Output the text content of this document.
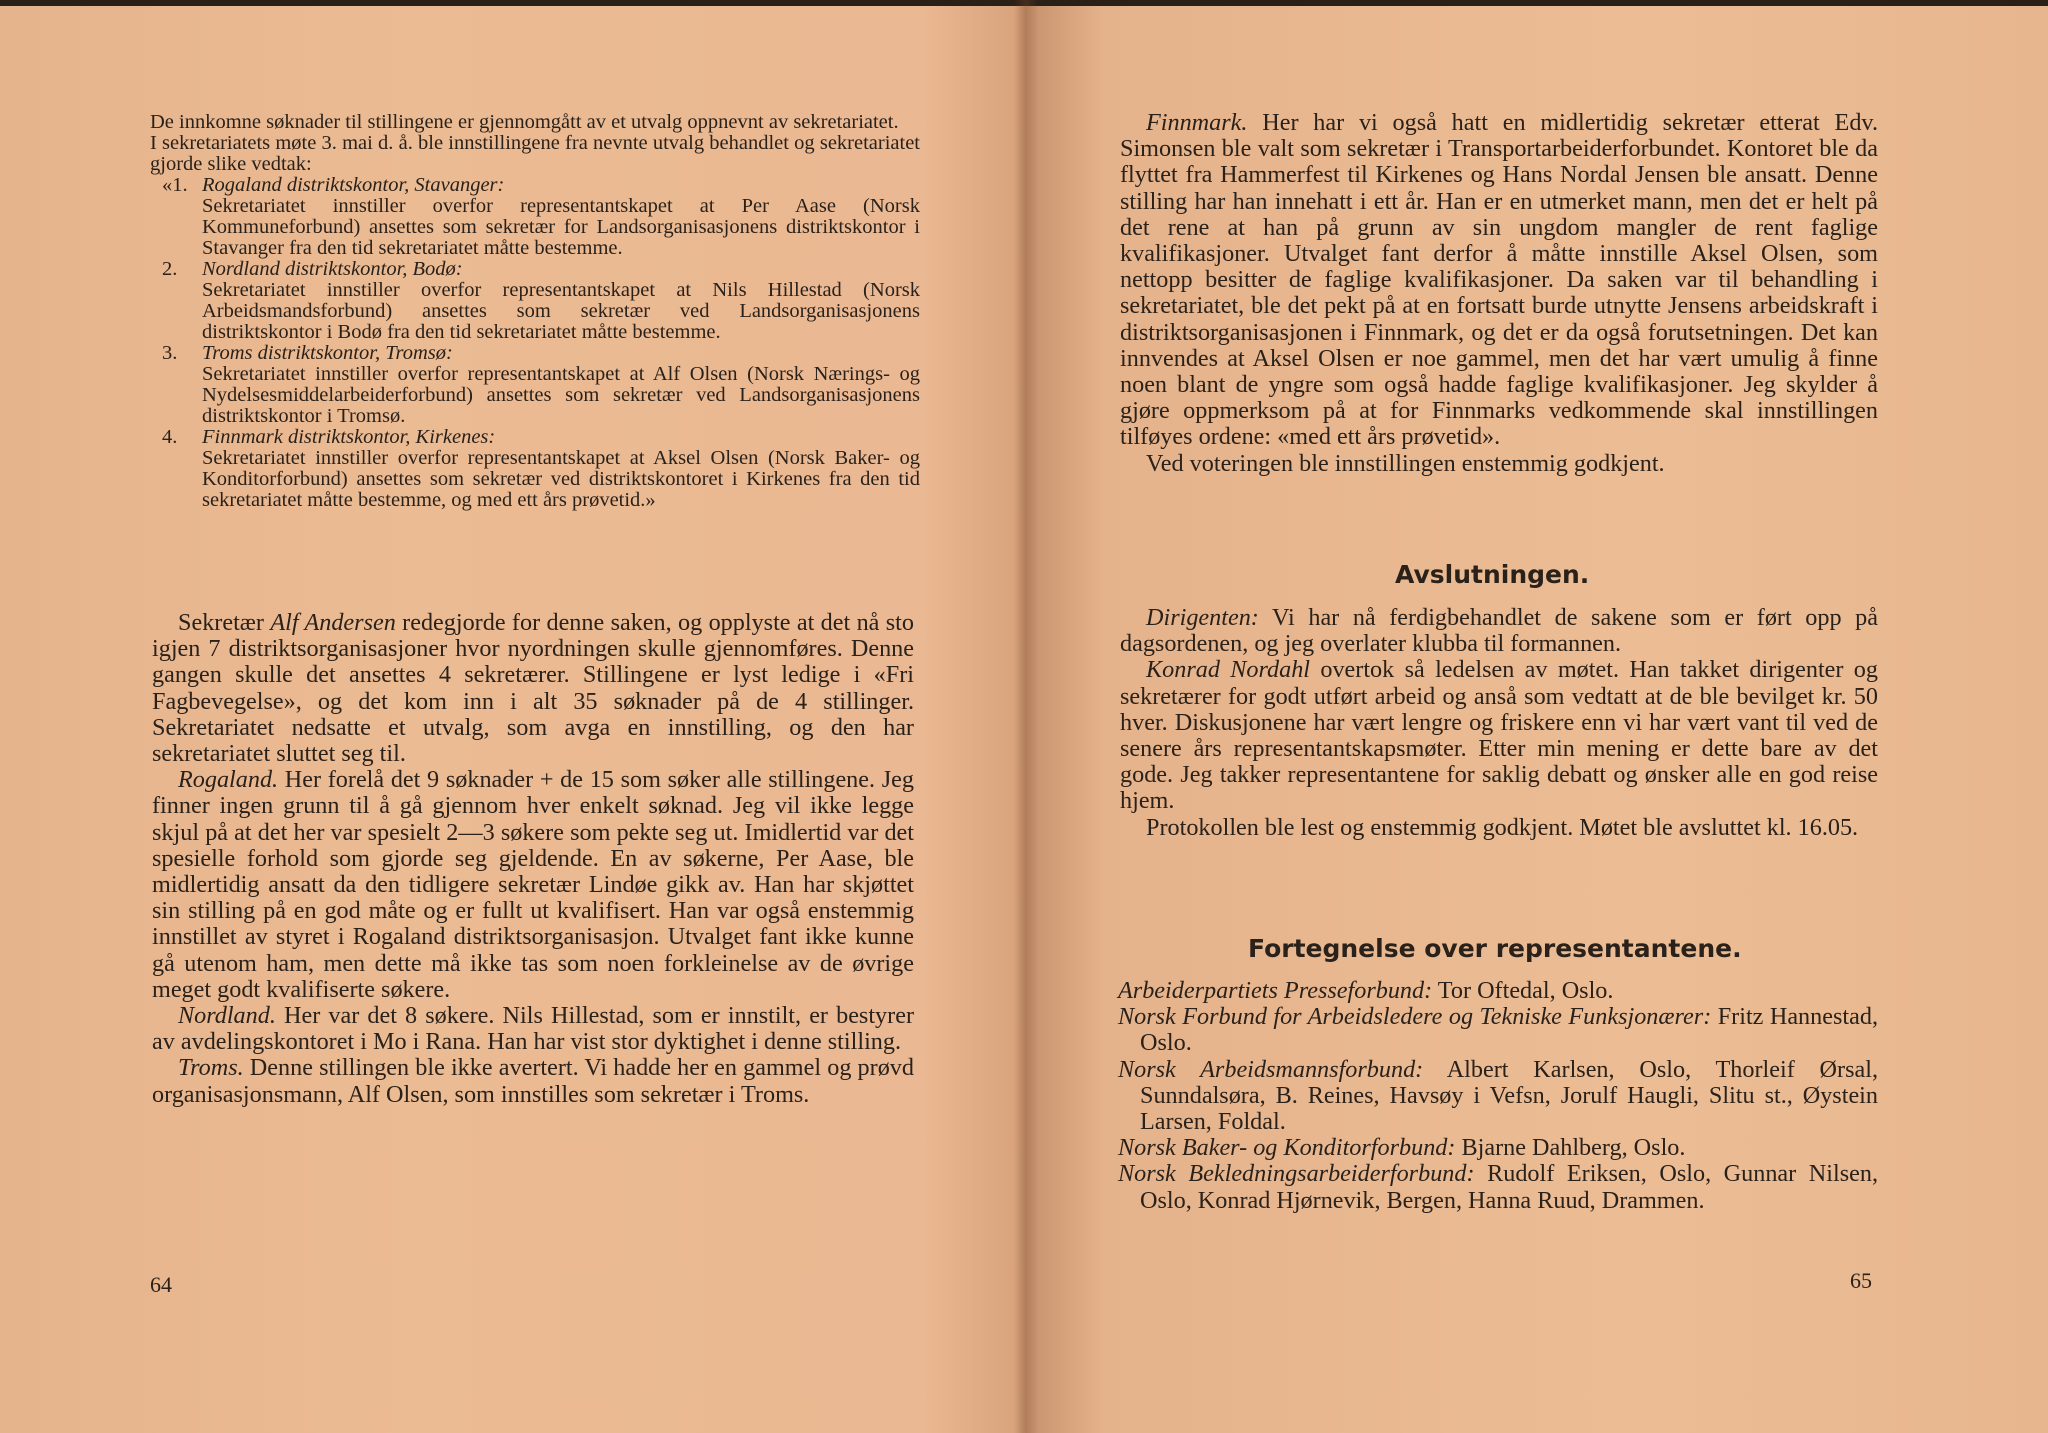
De innkomne søknader til stillingene er gjennomgått av et utvalg oppnevnt av sekretariatet.

I sekretariatets møte 3. mai d. å. ble innstillingene fra nevnte utvalg behandlet og sekretariatet gjorde slike vedtak:

«1. Rogaland distriktskontor, Stavanger:
Sekretariatet innstiller overfor representantskapet at Per Aase (Norsk Kommuneforbund) ansettes som sekretær for Landsorganisasjonens distriktskontor i Stavanger fra den tid sekretariatet måtte bestemme.
2. Nordland distriktskontor, Bodø:
Sekretariatet innstiller overfor representantskapet at Nils Hillestad (Norsk Arbeidsmandsforbund) ansettes som sekretær ved Landsorganisasjonens distriktskontor i Bodø fra den tid sekretariatet måtte bestemme.
3. Troms distriktskontor, Tromsø:
Sekretariatet innstiller overfor representantskapet at Alf Olsen (Norsk Nærings- og Nydelsesmiddelarbeiderforbund) ansettes som sekretær ved Landsorganisasjonens distriktskontor i Tromsø.
4. Finnmark distriktskontor, Kirkenes:
Sekretariatet innstiller overfor representantskapet at Aksel Olsen (Norsk Baker- og Konditorforbund) ansettes som sekretær ved distriktskontoret i Kirkenes fra den tid sekretariatet måtte bestemme, og med ett års prøvetid.»

Sekretær Alf Andersen redegjorde for denne saken, og opplyste at det nå sto igjen 7 distriktsorganisasjoner hvor nyordningen skulle gjennomføres. Denne gangen skulle det ansettes 4 sekretærer. Stillingene er lyst ledige i «Fri Fagbevegelse», og det kom inn i alt 35 søknader på de 4 stillinger. Sekretariatet nedsatte et utvalg, som avga en innstilling, og den har sekretariatet sluttet seg til.

Rogaland. Her forelå det 9 søknader + de 15 som søker alle stillingene. Jeg finner ingen grunn til å gå gjennom hver enkelt søknad. Jeg vil ikke legge skjul på at det her var spesielt 2—3 søkere som pekte seg ut. Imidlertid var det spesielle forhold som gjorde seg gjeldende. En av søkerne, Per Aase, ble midlertidig ansatt da den tidligere sekretær Lindøe gikk av. Han har skjøttet sin stilling på en god måte og er fullt ut kvalifisert. Han var også enstemmig innstillet av styret i Rogaland distriktsorganisasjon. Utvalget fant ikke kunne gå utenom ham, men dette må ikke tas som noen forkleinelse av de øvrige meget godt kvalifiserte søkere.

Nordland. Her var det 8 søkere. Nils Hillestad, som er innstilt, er bestyrer av avdelingskontoret i Mo i Rana. Han har vist stor dyktighet i denne stilling.

Troms. Denne stillingen ble ikke avertert. Vi hadde her en gammel og prøvd organisasjonsmann, Alf Olsen, som innstilles som sekretær i Troms.

64

Finnmark. Her har vi også hatt en midlertidig sekretær etterat Edv. Simonsen ble valt som sekretær i Transportarbeiderforbundet. Kontoret ble da flyttet fra Hammerfest til Kirkenes og Hans Nordal Jensen ble ansatt. Denne stilling har han innehatt i ett år. Han er en utmerket mann, men det er helt på det rene at han på grunn av sin ungdom mangler de rent faglige kvalifikasjoner. Utvalget fant derfor å måtte innstille Aksel Olsen, som nettopp besitter de faglige kvalifikasjoner. Da saken var til behandling i sekretariatet, ble det pekt på at en fortsatt burde utnytte Jensens arbeidskraft i distriktsorganisasjonen i Finnmark, og det er da også forutsetningen. Det kan innvendes at Aksel Olsen er noe gammel, men det har vært umulig å finne noen blant de yngre som også hadde faglige kvalifikasjoner. Jeg skylder å gjøre oppmerksom på at for Finnmarks vedkommende skal innstillingen tilføyes ordene: «med ett års prøvetid».

Ved voteringen ble innstillingen enstemmig godkjent.

Avslutningen.

Dirigenten: Vi har nå ferdigbehandlet de sakene som er ført opp på dagsordenen, og jeg overlater klubba til formannen.

Konrad Nordahl overtok så ledelsen av møtet. Han takket dirigenter og sekretærer for godt utført arbeid og anså som vedtatt at de ble bevilget kr. 50 hver. Diskusjonene har vært lengre og friskere enn vi har vært vant til ved de senere års representantskapsmøter. Etter min mening er dette bare av det gode. Jeg takker representantene for saklig debatt og ønsker alle en god reise hjem.

Protokollen ble lest og enstemmig godkjent. Møtet ble avsluttet kl. 16.05.

Fortegnelse over representantene.

Arbeiderpartiets Presseforbund: Tor Oftedal, Oslo.

Norsk Forbund for Arbeidsledere og Tekniske Funksjonærer: Fritz Hannestad, Oslo.

Norsk Arbeidsmannsforbund: Albert Karlsen, Oslo, Thorleif Ørsal, Sunndalsøra, B. Reines, Havsøy i Vefsn, Jorulf Haugli, Slitu st., Øystein Larsen, Foldal.

Norsk Baker- og Konditorforbund: Bjarne Dahlberg, Oslo.

Norsk Bekledningsarbeiderforbund: Rudolf Eriksen, Oslo, Gunnar Nilsen, Oslo, Konrad Hjørnevik, Bergen, Hanna Ruud, Drammen.

65
